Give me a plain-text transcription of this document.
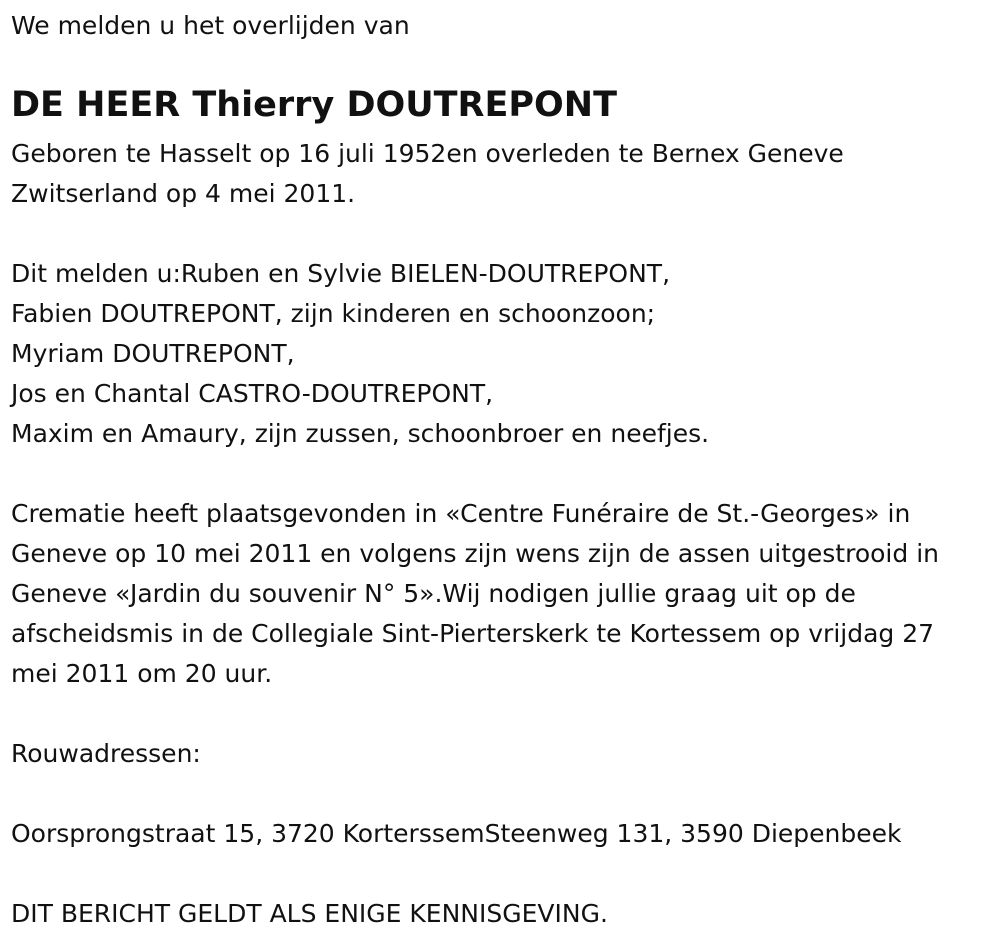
We melden u het overlijden van

DE HEER Thierry DOUTREPONT

Geboren te Hasselt op 16 juli 1952en overleden te Bernex Geneve

Zwitserland op 4 mei 2011.

Dit melden u:Ruben en Sylvie BIELEN-DOUTREPONT,

Fabien DOUTREPONT, zijn kinderen en schoonzoon;

Myriam DOUTREPONT,

Jos en Chantal CASTRO-DOUTREPONT,

Maxim en Amaury, zijn zussen, schoonbroer en neefjes.

Crematie heeft plaatsgevonden in «Centre Funéraire de St.-Georges» in

Geneve op 10 mei 2011 en volgens zijn wens zijn de assen uitgestrooid in

Geneve «Jardin du souvenir N° 5».Wij nodigen jullie graag uit op de

afscheidsmis in de Collegiale Sint-Pierterskerk te Kortessem op vrijdag 27

mei 2011 om 20 uur.

Rouwadressen:

Oorsprongstraat 15, 3720 KorterssemSteenweg 131, 3590 Diepenbeek

DIT BERICHT GELDT ALS ENIGE KENNISGEVING.
